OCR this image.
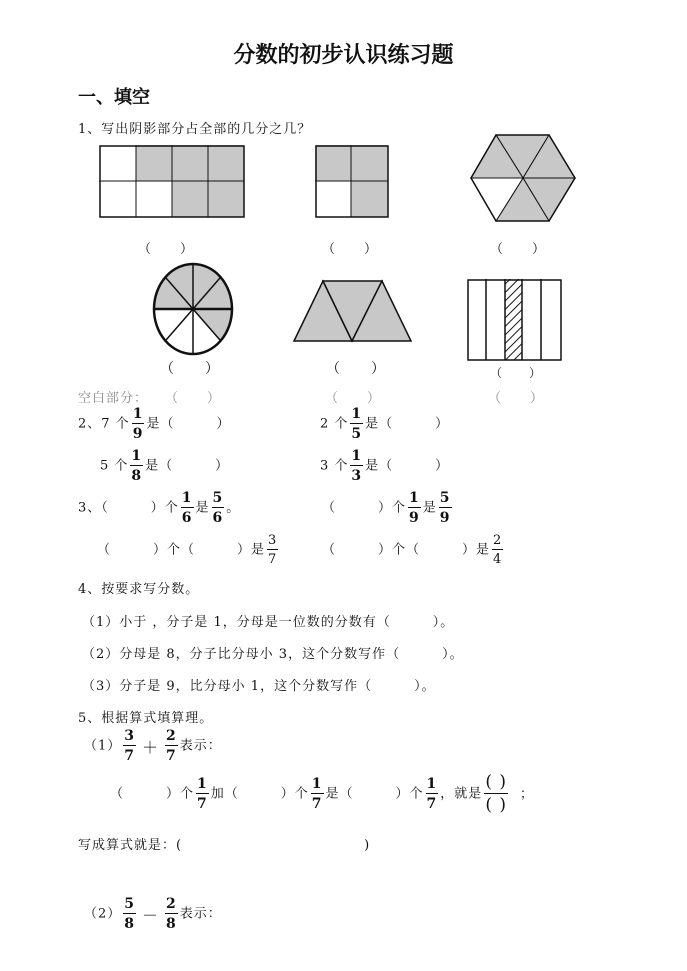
分数的初步认识练习题
一、填空
1、写出阴影部分占全部的几分之几？
（　　）	（　　）	（　　）
（　　）	（　　）	（　　）
空白部分： （　　）	（　　）	（　　）
2、7 个 $\frac{1}{9}$ 是（　　　）	2 个 $\frac{1}{5}$ 是（　　　）
5 个 $\frac{1}{8}$ 是（　　　）	3 个 $\frac{1}{3}$ 是（　　　）
3、（　　　）个 $\frac{1}{6}$ 是 $\frac{5}{6}$ 。	（　　　）个 $\frac{1}{9}$ 是 $\frac{5}{9}$
（　　　）个（　　　）是 $\frac{3}{7}$	（　　　）个（　　　）是 $\frac{2}{4}$
4、按要求写分数。
（1）小于 ，分子是 1，分母是一位数的分数有（　　　）。
（2）分母是 8，分子比分母小 3，这个分数写作（　　　）。
（3）分子是 9，比分母小 1，这个分数写作（　　　）。
5、根据算式填算理。
$(1) \frac{3}{7} + \frac{2}{7}$ 表示：
（　　　）个 $\frac{1}{7}$ 加（　　　）个 $\frac{1}{7}$ 是（　　　）个 $\frac{1}{7}$ ，就是 $\frac{( )}{( )}$ ；
写成算式就是：(　　　　　　　　　　　　　)
$(2) \frac{5}{8} - \frac{2}{8}$ 表示：
